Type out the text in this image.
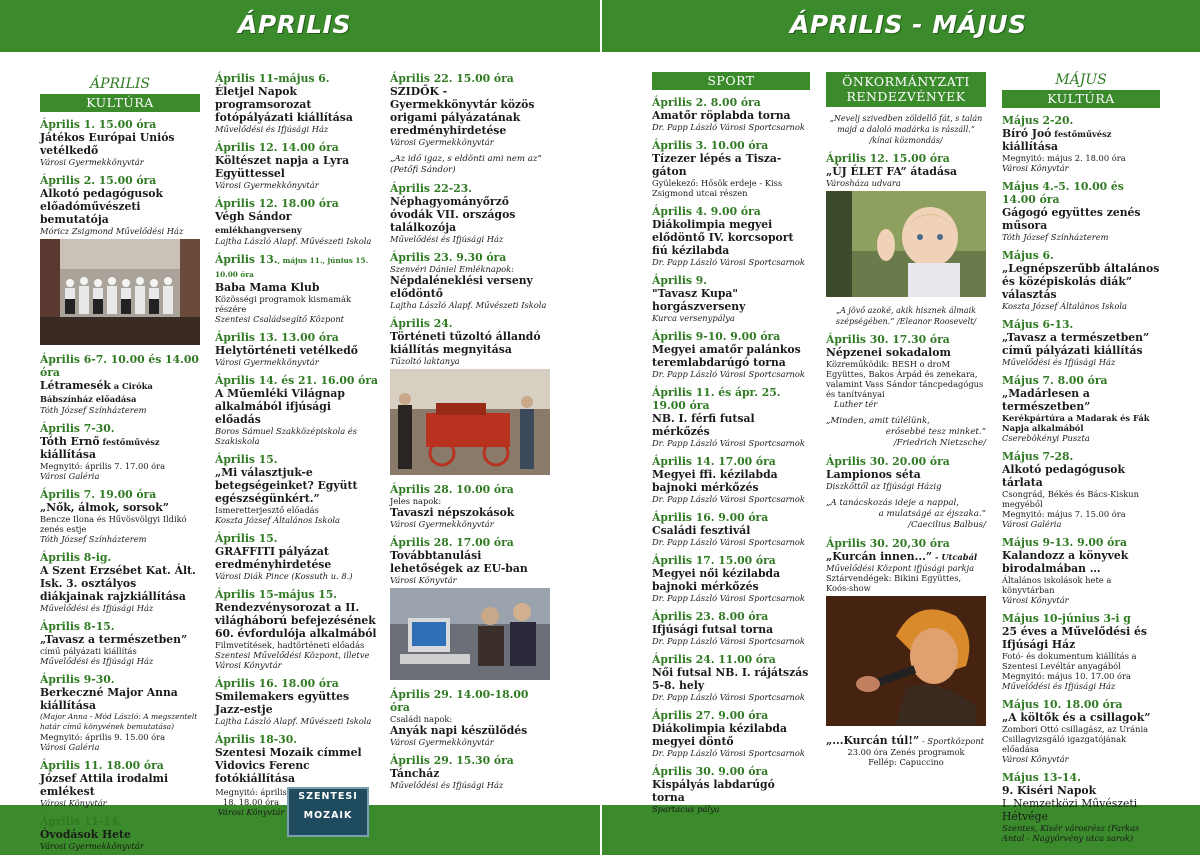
ÁPRILIS	ÁPRILIS - MÁJUS
ÁPRILIS
KULTÚRA
Április 1. 15.00 óra
Játékos Európai Uniós vetélkedő
Városi Gyermekkönyvtár
Április 2. 15.00 óra
Alkotó pedagógusok előadóművészeti bemutatója
Móricz Zsigmond Művelődési Ház
Április 6-7. 10.00 és 14.00 óra
Létramesék a Ciróka Bábszínház előadása
Tóth József Színházterem
Április 7-30.
Tóth Ernő festőművész kiállítása
Megnyitó: április 7. 17.00 óra
Városi Galéria
Április 7. 19.00 óra
„Nők, álmok, sorsok”
Bencze Ilona és Hűvösvölgyi Ildikó zenés estje
Tóth József Színházterem
Április 8-ig.
A Szent Erzsébet Kat. Ált. Isk. 3. osztályos diákjainak rajzkiállítása
Művelődési és Ifjúsági Ház
Április 8-15.
„Tavasz a természetben”
című pályázati kiállítás
Művelődési és Ifjúsági Ház
Április 9-30.
Berkeczné Major Anna kiállítása
(Major Anna - Mód László: A megszentelt határ című könyvének bemutatása)
Megnyitó: április 9. 15.00 óra
Városi Galéria
Április 11. 18.00 óra
József Attila irodalmi emlékest
Városi Könyvtár
Április 11-14.
Óvodások Hete
Városi Gyermekkönyvtár
Április 11-május 6.
Életjel Napok programsorozat fotópályázati kiállítása
Művelődési és Ifjúsági Ház
Április 12. 14.00 óra
Költészet napja a Lyra Együttessel
Városi Gyermekkönyvtár
Április 12. 18.00 óra
Végh Sándor emlékhangverseny
Lajtha László Alapf. Művészeti Iskola
Április 13., május 11., június 15. 10.00 óra
Baba Mama Klub
Közösségi programok kismamák részére
Szentesi Családsegítő Központ
Április 13. 13.00 óra
Helytörténeti vetélkedő
Városi Gyermekkönyvtár
Április 14. és 21. 16.00 óra
A Műemléki Világnap alkalmából ifjúsági előadás
Boros Sámuel Szakközépiskola és Szakiskola
Április 15.
„Mi választjuk-e betegségeinket? Együtt egészségünkért.”
Ismeretterjesztő előadás
Koszta József Általános Iskola
Április 15.
GRAFFITI pályázat eredményhirdetése
Városi Diák Pince (Kossuth u. 8.)
Április 15-május 15.
Rendezvénysorozat a II. világháború befejezésének 60. évfordulója alkalmából
Filmvetítések, hadtörténeti előadás
Szentesi Művelődési Központ, illetve Városi Könyvtár
Április 16. 18.00 óra
Smilemakers együttes Jazz-estje
Lajtha László Alapf. Művészeti Iskola
Április 18-30.
Szentesi Mozaik címmel Vidovics Ferenc fotókiállítása
Megnyitó: április 18. 18.00 óra
Városi Könyvtár
SZENTESI
MOZAIK
Április 22. 15.00 óra
SZIDŐK - Gyermekkönyvtár közös origami pályázatának eredményhirdetése
Városi Gyermekkönyvtár
„Az idő igaz, s eldönti ami nem az”
(Petőfi Sándor)
Április 22-23.
Néphagyományőrző óvodák VII. országos találkozója
Művelődési és Ifjúsági Ház
Április 23. 9.30 óra
Szenvéri Dániel Emléknapok:
Népdaléneklési verseny elődöntő
Lajtha László Alapf. Művészeti Iskola
Április 24.
Történeti tűzoltó állandó kiállítás megnyitása
Tűzoltó laktanya
Április 28. 10.00 óra
Jeles napok:
Tavaszi népszokások
Városi Gyermekkönyvtár
Április 28. 17.00 óra
Továbbtanulási lehetőségek az EU-ban
Városi Könyvtár
Április 29. 14.00-18.00 óra
Családi napok:
Anyák napi készülődés
Városi Gyermekkönyvtár
Április 29. 15.30 óra
Táncház
Művelődési és Ifjúsági Ház
SPORT
Április 2. 8.00 óra
Amatőr röplabda torna
Dr. Papp László Városi Sportcsarnok
Április 3. 10.00 óra
Tízezer lépés a Tisza-gáton
Gyülekező: Hősök erdeje - Kiss Zsigmond utcai részen
Április 4. 9.00 óra
Diákolimpia megyei elődöntő IV. korcsoport fiú kézilabda
Dr. Papp László Városi Sportcsarnok
Április 9.
"Tavasz Kupa" horgászverseny
Kurca versenypálya
Április 9-10. 9.00 óra
Megyei amatőr palánkos teremlabdarúgó torna
Dr. Papp László Városi Sportcsarnok
Április 11. és ápr. 25. 19.00 óra
NB. I. férfi futsal mérkőzés
Dr. Papp László Városi Sportcsarnok
Április 14. 17.00 óra
Megyei ffi. kézilabda bajnoki mérkőzés
Dr. Papp László Városi Sportcsarnok
Április 16. 9.00 óra
Családi fesztivál
Dr. Papp László Városi Sportcsarnok
Április 17. 15.00 óra
Megyei női kézilabda bajnoki mérkőzés
Dr. Papp László Városi Sportcsarnok
Április 23. 8.00 óra
Ifjúsági futsal torna
Dr. Papp László Városi Sportcsarnok
Április 24. 11.00 óra
Női futsal NB. I. rájátszás 5-8. hely
Dr. Papp László Városi Sportcsarnok
Április 27. 9.00 óra
Diákolimpia kézilabda megyei döntő
Dr. Papp László Városi Sportcsarnok
Április 30. 9.00 óra
Kispályás labdarúgó torna
Spartacus pálya
ÖNKORMÁNYZATI
RENDEZVÉNYEK
„Nevelj szivedben zöldellő fát, s talán majd a daloló madárka is rászáll.”
/kínai közmondás/
Április 12. 15.00 óra
„ÚJ ÉLET FA” átadása
Városháza udvara
„A jövő azoké, akik hisznek álmaik szépségében.” /Eleanor Roosevelt/
Április 30. 17.30 óra
Népzenei sokadalom
Közreműködik: BESH o droM Együttes, Bakos Árpád és zenekara, valamint Vass Sándor táncpedagógus és tanítványai
Luther tér
„Minden, amit túlélünk,
erősebbé tesz minket.”
/Friedrich Nietzsche/
Április 30. 20.00 óra
Lampionos séta
Diszkőttől az Ifjúsági Házig
„A tanácskozás ideje a nappal,
a mulatságé az éjszaka.”
/Caecilius Balbus/
Április 30. 20,30 óra
„Kurcán innen...” - Utcabál
Művelődési Központ ifjúsági parkja
Sztárvendégek: Bikini Együttes, Koós-show
„...Kurcán túl!” - Sportközpont
23.00 óra Zenés programok
Fellép: Capuccino
MÁJUS
KULTÚRA
Május 2-20.
Bíró Joó festőművész kiállítása
Megnyitó: május 2. 18.00 óra
Városi Könyvtár
Május 4.-5. 10.00 és 14.00 óra
Gágogó együttes zenés műsora
Tóth József Színházterem
Május 6.
„Legnépszerűbb általános és középiskolás diák” választás
Koszta József Általános Iskola
Május 6-13.
„Tavasz a természetben” című pályázati kiállítás
Művelődési és Ifjúsági Ház
Május 7. 8.00 óra
„Madárlesen a természetben”
Kerékpártúra a Madarak és Fák Napja alkalmából
Cserebökényi Puszta
Május 7-28.
Alkotó pedagógusok tárlata
Csongrád, Békés és Bács-Kiskun megyéből
Megnyitó: május 7. 15.00 óra
Városi Galéria
Május 9-13. 9.00 óra
Kalandozz a könyvek birodalmában …
Általános iskolások hete a könyvtárban
Városi Könyvtár
Május 10-június 3-i g
25 éves a Művelődési és Ifjúsági Ház
Fotó- és dokumentum kiállítás a Szentesi Levéltár anyagából
Megnyitó: május 10. 17.00 óra
Művelődési és Ifjúsági Ház
Május 10. 18.00 óra
„A költők és a csillagok”
Zombori Ottó csillagász, az Uránia Csillagvizsgáló igazgatójának előadása
Városi Könyvtár
Május 13-14.
9. Kiséri Napok
I. Nemzetközi Művészeti Hétvége
Szentes, Kisér városrész (Farkas Antal - Nagyörvény utca sarok)
